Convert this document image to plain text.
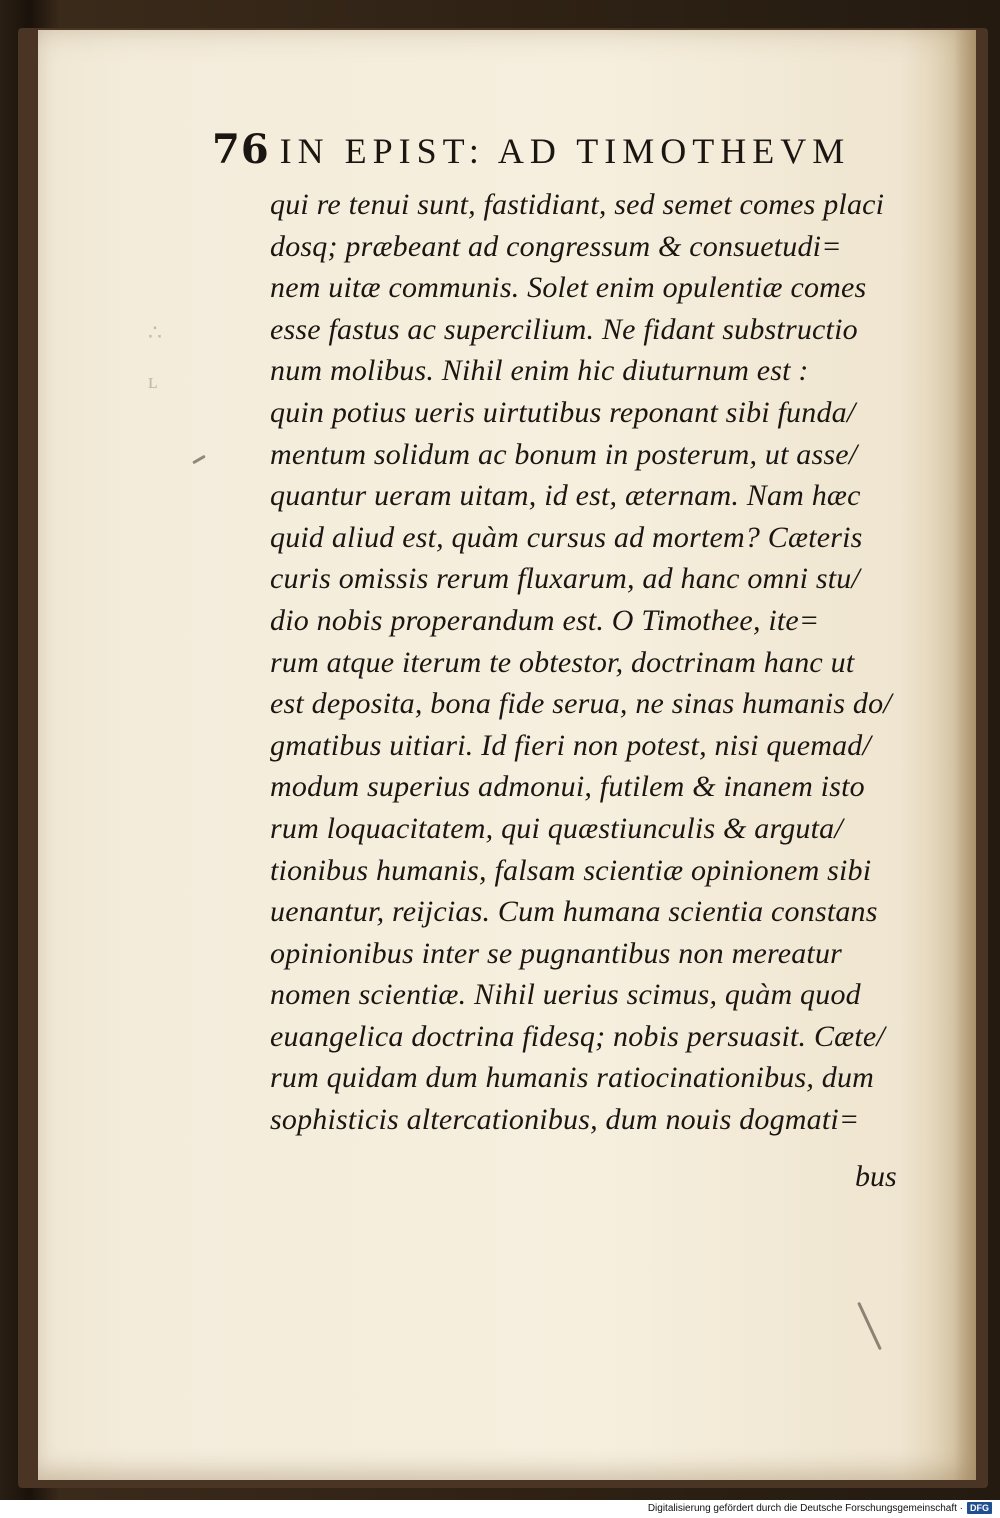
76 IN EPIST: AD TIMOTHEVM
∴
ʟ
qui re tenui sunt, fastidiant, sed semet comes placi
dosq; præbeant ad congressum & consuetudi=
nem uitæ communis. Solet enim opulentiæ comes
esse fastus ac supercilium. Ne fidant substructio
num molibus. Nihil enim hic diuturnum est :
quin potius ueris uirtutibus reponant sibi funda/
mentum solidum ac bonum in posterum, ut asse/
quantur ueram uitam, id est, æternam. Nam hæc
quid aliud est, quàm cursus ad mortem? Cæteris
curis omissis rerum fluxarum, ad hanc omni stu/
dio nobis properandum est. O Timothee, ite=
rum atque iterum te obtestor, doctrinam hanc ut
est deposita, bona fide serua, ne sinas humanis do/
gmatibus uitiari. Id fieri non potest, nisi quemad/
modum superius admonui, futilem & inanem isto
rum loquacitatem, qui quæstiunculis & arguta/
tionibus humanis, falsam scientiæ opinionem sibi
uenantur, reijcias. Cum humana scientia constans
opinionibus inter se pugnantibus non mereatur
nomen scientiæ. Nihil uerius scimus, quàm quod
euangelica doctrina fidesq; nobis persuasit. Cæte/
rum quidam dum humanis ratiocinationibus, dum
sophisticis altercationibus, dum nouis dogmati=
bus
Digitalisierung gefördert durch die Deutsche Forschungsgemeinschaft · DFG
